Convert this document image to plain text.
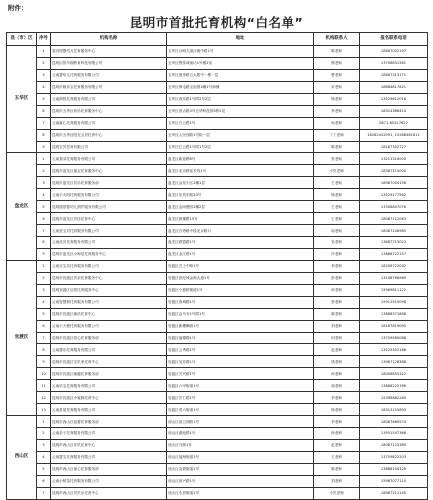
附件：
昆明市首批托育机构“白名单”
县（市）区	序号	机构名称	地址	机构联系人	报名联系电话
五华区	1	春谷园婴幼儿托育服务中心	五华区沙朗大道沙朗中路1号	陈老师	18687002197
	2	昆明启智早期教育科技有限公司	五华区银泰城南坊1号楼2室	熊老师	13708631561
	3	云南婴幼儿托育服务有限公司	五华区莲华路云大附中一楼一层	曹老师	18687313171
	4	昆明市颐乐宝托育服务有限公司	五华区海屯路宝韵园1幢1号商铺	宋老师	18864817821
	5	云南润悦托育服务有限公司	五华区西站路1号附2号2层	杨老师	13529812018
	6	昆明市五华区育乐托育服务中心	五华区普吉路3号五华科技园3栋1层	李老师	18314366414
	7	云南童心托育服务有限公司	五华区白云路1号	孙老师	0871-65317622
	8	昆明市五华区阳光宝贝托育中心	五华区人民西路1号院一层	丁丁老师	18282432091, 15288461811
	9	昆明宝贝托育有限公司	五华区红云路1号附1号2层	陈老师	18187352727
盘龙区	1	云南春芽托育服务有限公司	盘龙区新迎路8号	张老师	13211310000
	2	昆明市盘龙区福宝托育服务中心	盘龙区北京路延长线1号	小贝老师	18387115000
	3	昆明市盘龙区贝乐托育服务部	盘龙区金星小区2幢1层	王老师	18987004156
	4	云南小太阳托育服务有限公司	盘龙区东风东路20号	杨老师	13529177562
	5	昆明瑞爱婴幼儿照护服务有限公司	盘龙区金尚俊园1幢2层	王老师	13308807076
	6	昆明市盘龙区贝佳托育中心	盘龙区鼓楼路15号	王老师	18087112063
	7	云南爱宝贝托育服务有限公司	盘龙区白塔路中段北京路口	周老师	18087106985
	8	云南优贝托育服务有限公司	盘龙区联盟路1号	吴老师	13687713023
	9	昆明市盘龙区小海星托育服务中心	盘龙区金江路1号	许老师	13888722157
官渡区	1	云南宝宝乐托育服务有限公司	官渡区关上中路1号	李老师	18208722032
	2	昆明市官渡区贝亲托育服务中心	官渡区世纪城金源大道1号	彭老师	13108766969
	3	昆明官渡区启蒙托育服务中心	官渡区小板桥街道1号	孙老师	15969811122
	4	云南智慧树托育服务有限公司	官渡区春城路1号	张老师	15912510098
	5	昆明市官渡区童乐托育中心	官渡区金马寺1号附1号	陈老师	13888371888
	6	云南小天使托育服务有限公司	官渡区新螺蛳湾1号	刘老师	18187819095
	7	昆明市官渡区爱心托育服务部	官渡区福德路1号	何老师	13759585088
	8	云南婴乐托育服务有限公司	官渡区云秀路1号	赵老师	13529352166
	9	昆明市官渡区宝贝家托育中心	官渡区吴井路1号	钱老师	13987128388
	10	昆明市官渡区童趣托育服务部	官渡区关兴路1号	孙老师	18008855322
	11	云南乐宝托育服务有限公司	官渡区六甲街道1号	周老师	13888225766
	12	昆明市官渡区小蜜蜂托育中心	官渡区宏仁路1号	李老师	15398862265
	13	云南星星托育服务有限公司	官渡区矣六街道1号	杨老师	18313153693
西山区	1	昆明市西山区蓓蕾托育服务部	西山区前卫西路1号	李老师	18087669574
	2	云南亲子托育服务有限公司	西山区滇池路1号	杨老师	13951547366
	3	昆明市西山区乐贝托育中心	西山区马街1号	赵老师	18087123389
	4	云南婴宝托育服务有限公司	西山区福海街道1号	王老师	13759822203
	5	昆明市西山区童心托育服务部	西山区金碧街道1号	陈老师	13888104328
	6	云南小树苗托育服务有限公司	西山区前兴路1号	刘老师	15987077110
	7	昆明市西山区贝贝乐托育中心	西山区永昌街道1号	小贝老师	18987211140
